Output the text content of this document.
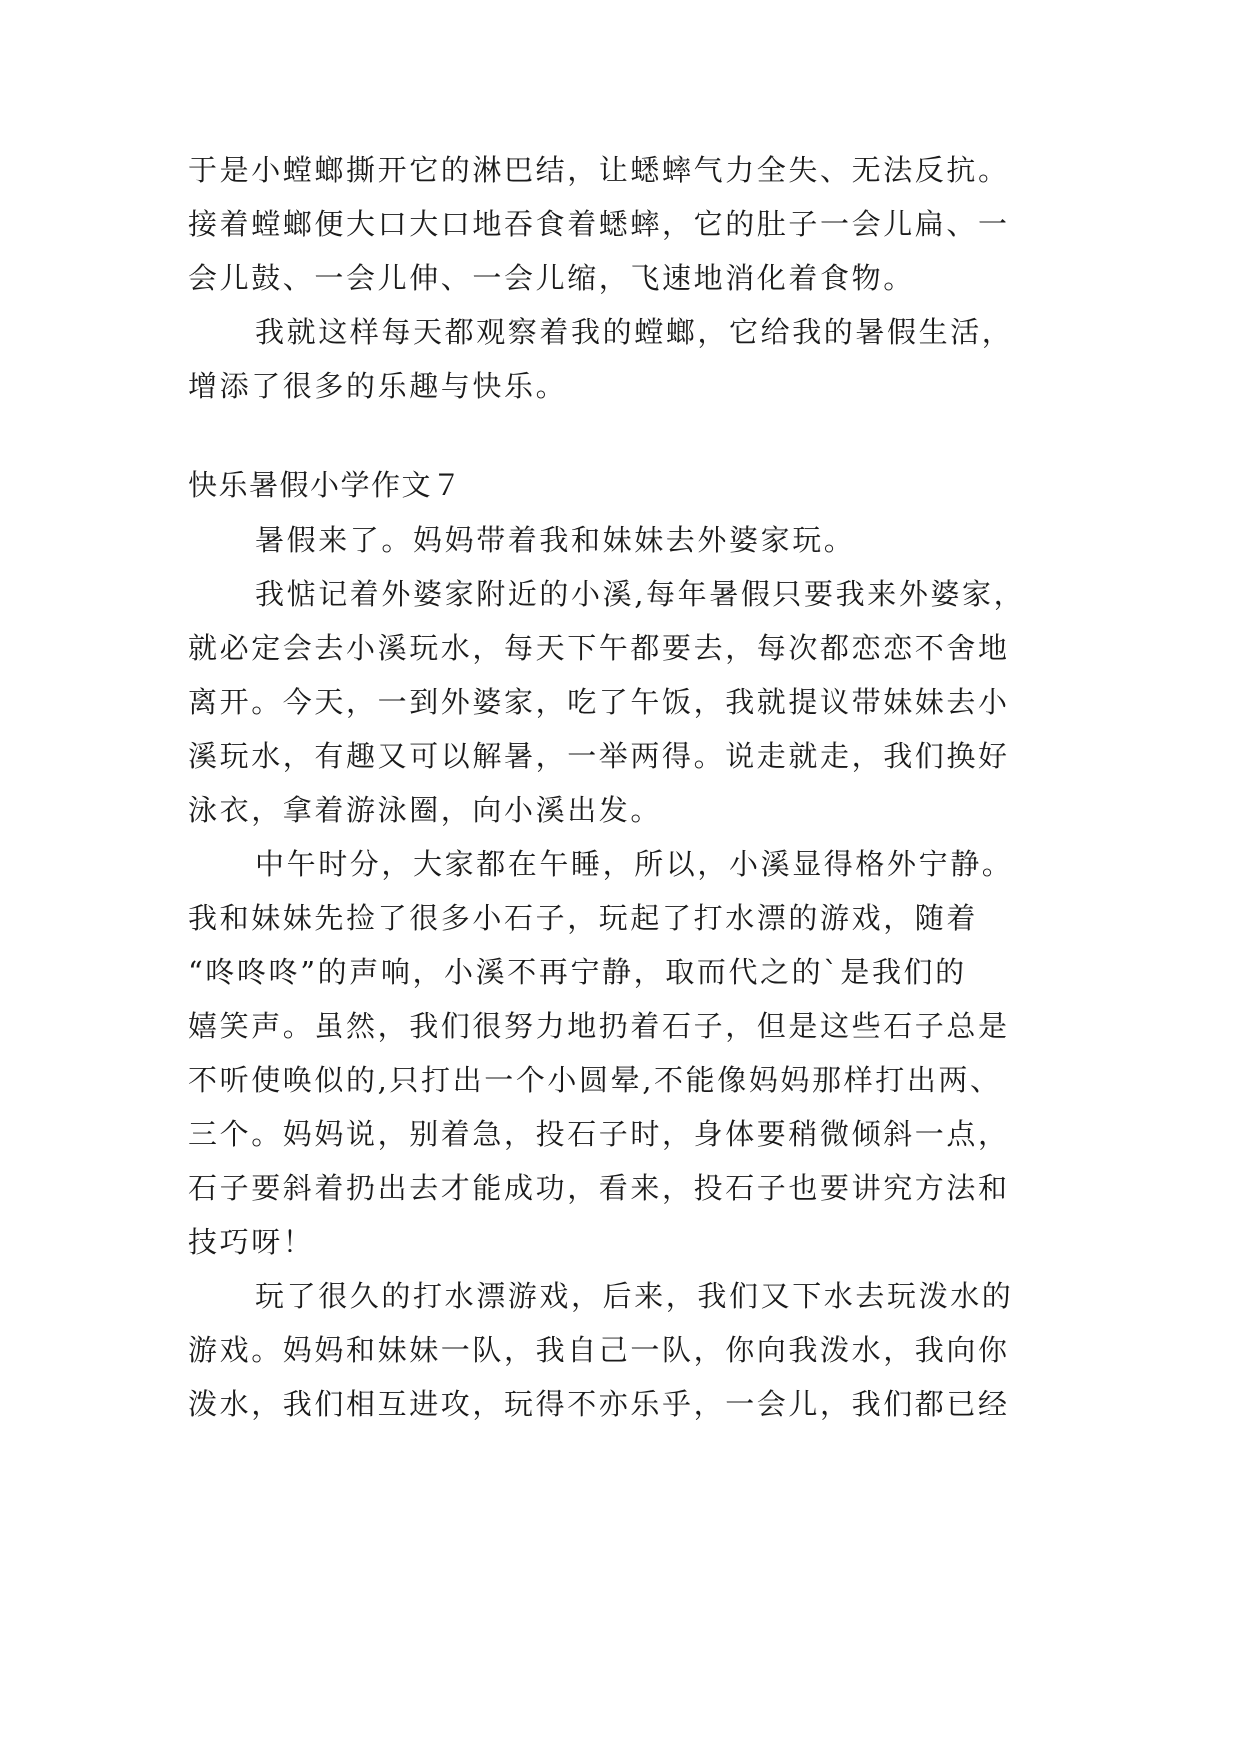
于是小螳螂撕开它的淋巴结，让蟋蟀气力全失、无法反抗。
接着螳螂便大口大口地吞食着蟋蟀，它的肚子一会儿扁、一
会儿鼓、一会儿伸、一会儿缩，飞速地消化着食物。
我就这样每天都观察着我的螳螂，它给我的暑假生活，
增添了很多的乐趣与快乐。
快乐暑假小学作文７
暑假来了。妈妈带着我和妹妹去外婆家玩。
我惦记着外婆家附近的小溪,每年暑假只要我来外婆家，
就必定会去小溪玩水，每天下午都要去，每次都恋恋不舍地
离开。今天，一到外婆家，吃了午饭，我就提议带妹妹去小
溪玩水，有趣又可以解暑，一举两得。说走就走，我们换好
泳衣，拿着游泳圈，向小溪出发。
中午时分，大家都在午睡，所以，小溪显得格外宁静。
我和妹妹先捡了很多小石子，玩起了打水漂的游戏，随着
“咚咚咚”的声响，小溪不再宁静，取而代之的`是我们的
嬉笑声。虽然，我们很努力地扔着石子，但是这些石子总是
不听使唤似的,只打出一个小圆晕,不能像妈妈那样打出两、
三个。妈妈说，别着急，投石子时，身体要稍微倾斜一点，
石子要斜着扔出去才能成功，看来，投石子也要讲究方法和
技巧呀！
玩了很久的打水漂游戏，后来，我们又下水去玩泼水的
游戏。妈妈和妹妹一队，我自己一队，你向我泼水，我向你
泼水，我们相互进攻，玩得不亦乐乎，一会儿，我们都已经
